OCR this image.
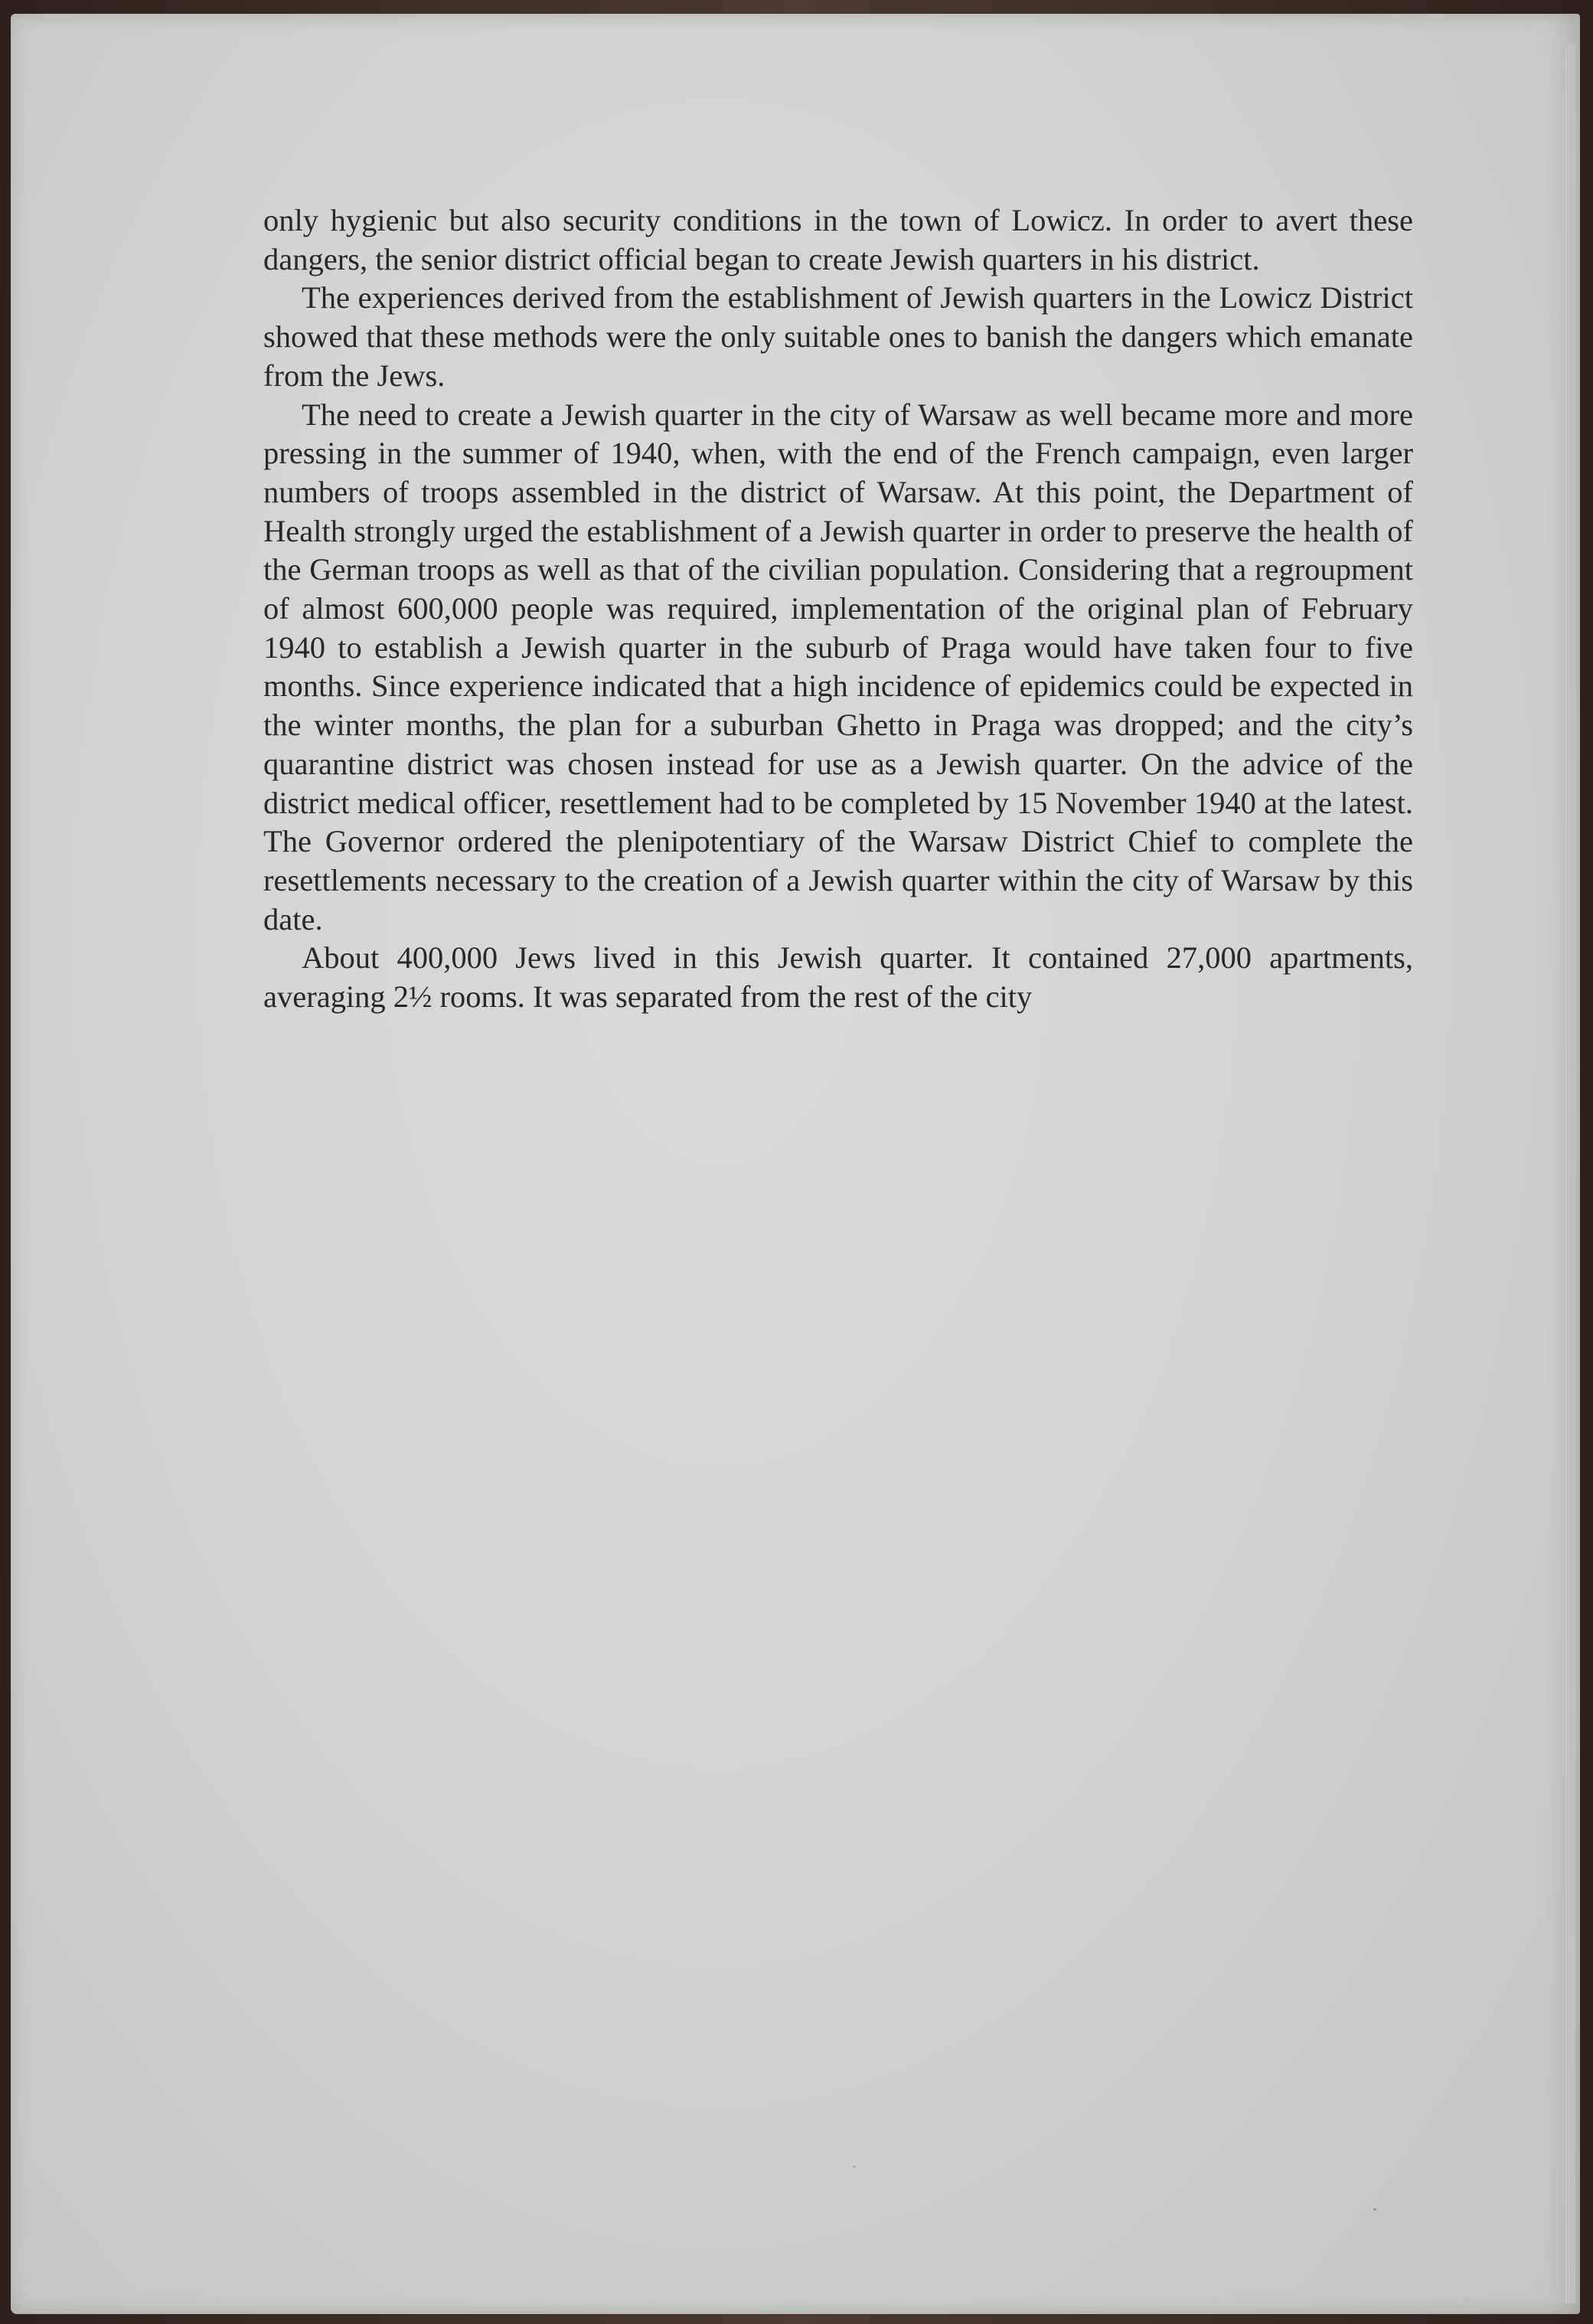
only hygienic but also security conditions in the town of Lowicz. In order to avert these dangers, the senior district official began to create Jewish quarters in his district.

The experiences derived from the establishment of Jewish quarters in the Lowicz District showed that these methods were the only suitable ones to banish the dangers which emanate from the Jews.

The need to create a Jewish quarter in the city of Warsaw as well became more and more pressing in the summer of 1940, when, with the end of the French campaign, even larger numbers of troops assembled in the district of Warsaw. At this point, the Department of Health strongly urged the establishment of a Jewish quarter in order to preserve the health of the German troops as well as that of the civilian population. Considering that a regroupment of almost 600,000 people was required, implementation of the original plan of February 1940 to establish a Jewish quarter in the suburb of Praga would have taken four to five months. Since experience indicated that a high incidence of epidemics could be expected in the winter months, the plan for a suburban Ghetto in Praga was dropped; and the city’s quarantine district was chosen instead for use as a Jewish quarter. On the advice of the district medical officer, resettlement had to be completed by 15 November 1940 at the latest. The Governor ordered the plenipotentiary of the Warsaw District Chief to complete the resettlements necessary to the creation of a Jewish quarter within the city of Warsaw by this date.

About 400,000 Jews lived in this Jewish quarter. It contained 27,000 apartments, averaging 2½ rooms. It was separated from the rest of the city
